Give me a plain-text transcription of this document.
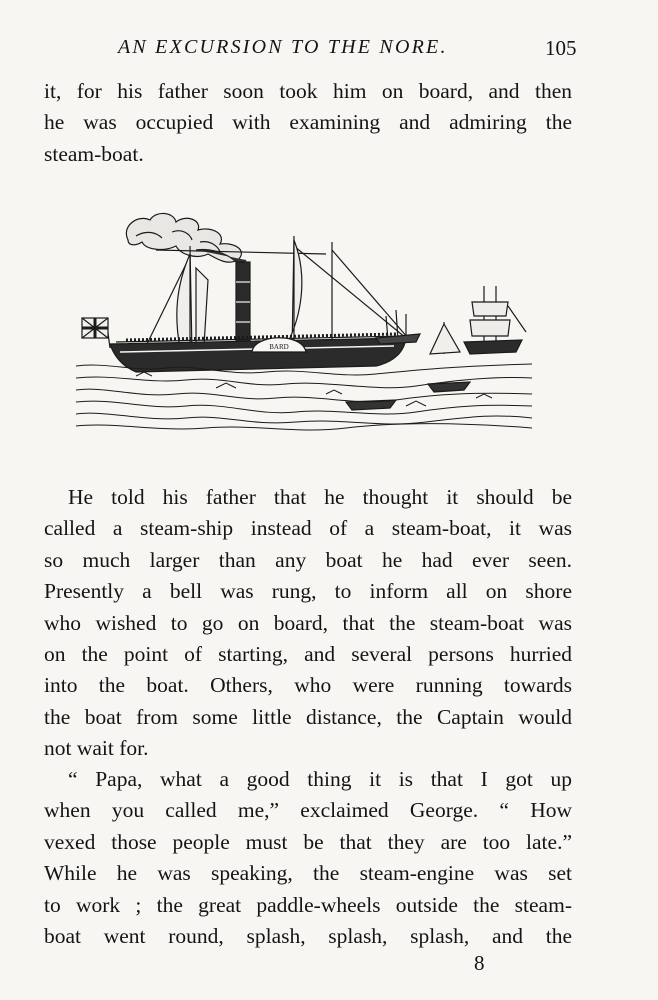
AN EXCURSION TO THE NORE.	105

it, for his father soon took him on board, and then
he was occupied with examining and admiring the
steam-boat.

BARD

He told his father that he thought it should be
called a steam-ship instead of a steam-boat, it was
so much larger than any boat he had ever seen.
Presently a bell was rung, to inform all on shore
who wished to go on board, that the steam-boat was
on the point of starting, and several persons hurried
into the boat. Others, who were running towards
the boat from some little distance, the Captain would
not wait for.

“ Papa, what a good thing it is that I got up
when you called me,” exclaimed George. “ How
vexed those people must be that they are too late.”
While he was speaking, the steam-engine was set
to work ; the great paddle-wheels outside the steam-
boat went round, splash, splash, splash, and the

8
